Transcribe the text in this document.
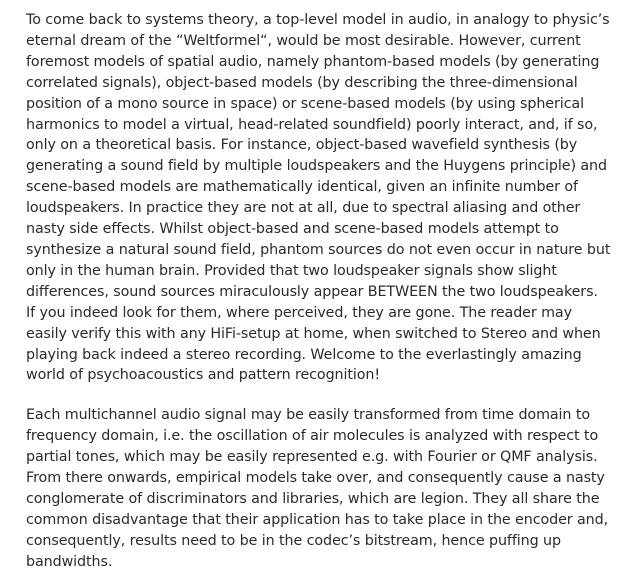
To come back to systems theory, a top-level model in audio, in analogy to physic’s eternal dream of the “Weltformel“, would be most desirable. However, current foremost models of spatial audio, namely phantom-based models (by generating correlated signals), object-based models (by describing the three-dimensional position of a mono source in space) or scene-based models (by using spherical harmonics to model a virtual, head-related soundfield) poorly interact, and, if so, only on a theoretical basis. For instance, object-based wavefield synthesis (by generating a sound field by multiple loudspeakers and the Huygens principle) and scene-based models are mathematically identical, given an infinite number of loudspeakers. In practice they are not at all, due to spectral aliasing and other nasty side effects. Whilst object-based and scene-based models attempt to synthesize a natural sound field, phantom sources do not even occur in nature but only in the human brain. Provided that two loudspeaker signals show slight differences, sound sources miraculously appear BETWEEN the two loudspeakers. If you indeed look for them, where perceived, they are gone. The reader may easily verify this with any HiFi-setup at home, when switched to Stereo and when playing back indeed a stereo recording. Welcome to the everlastingly amazing world of psychoacoustics and pattern recognition!

Each multichannel audio signal may be easily transformed from time domain to frequency domain, i.e. the oscillation of air molecules is analyzed with respect to partial tones, which may be easily represented e.g. with Fourier or QMF analysis. From there onwards, empirical models take over, and consequently cause a nasty conglomerate of discriminators and libraries, which are legion. They all share the common disadvantage that their application has to take place in the encoder and, consequently, results need to be in the codec’s bitstream, hence puffing up bandwidths.
